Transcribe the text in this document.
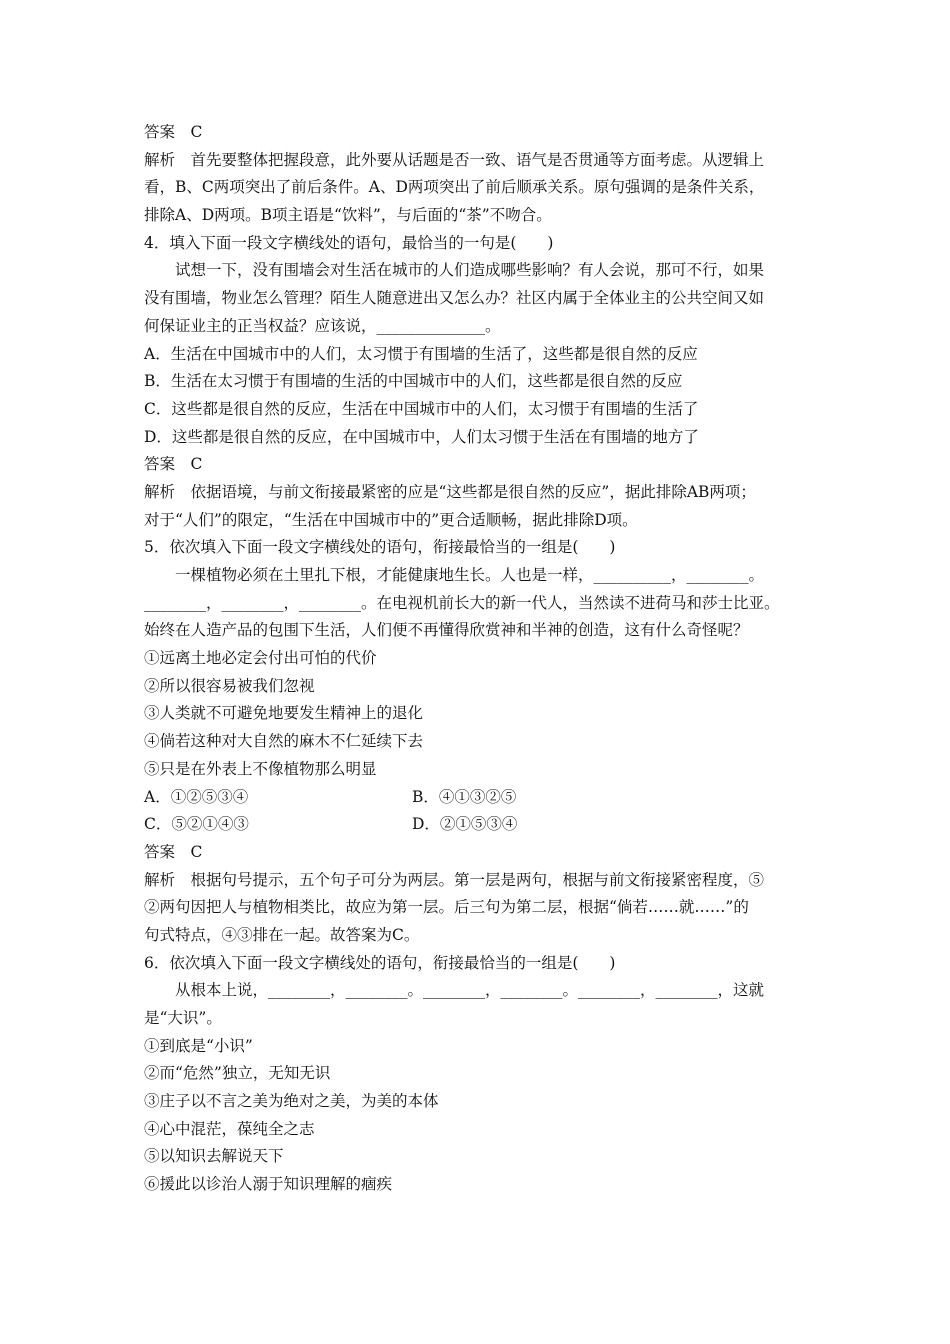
答案　C
解析　首先要整体把握段意，此外要从话题是否一致、语气是否贯通等方面考虑。从逻辑上
看，B、C两项突出了前后条件。A、D两项突出了前后顺承关系。原句强调的是条件关系，
排除A、D两项。B项主语是“饮料”，与后面的“茶”不吻合。
4．填入下面一段文字横线处的语句，最恰当的一句是(　　)
试想一下，没有围墙会对生活在城市的人们造成哪些影响？有人会说，那可不行，如果
没有围墙，物业怎么管理？陌生人随意进出又怎么办？社区内属于全体业主的公共空间又如
何保证业主的正当权益？应该说，______________。
A．生活在中国城市中的人们，太习惯于有围墙的生活了，这些都是很自然的反应
B．生活在太习惯于有围墙的生活的中国城市中的人们，这些都是很自然的反应
C．这些都是很自然的反应，生活在中国城市中的人们，太习惯于有围墙的生活了
D．这些都是很自然的反应，在中国城市中，人们太习惯于生活在有围墙的地方了
答案　C
解析　依据语境，与前文衔接最紧密的应是“这些都是很自然的反应”，据此排除AB两项；
对于“人们”的限定，“生活在中国城市中的”更合适顺畅，据此排除D项。
5．依次填入下面一段文字横线处的语句，衔接最恰当的一组是(　　)
一棵植物必须在土里扎下根，才能健康地生长。人也是一样，__________，________。
________，________，________。在电视机前长大的新一代人，当然读不进荷马和莎士比亚。
始终在人造产品的包围下生活，人们便不再懂得欣赏神和半神的创造，这有什么奇怪呢？
①远离土地必定会付出可怕的代价
②所以很容易被我们忽视
③人类就不可避免地要发生精神上的退化
④倘若这种对大自然的麻木不仁延续下去
⑤只是在外表上不像植物那么明显
A．①②⑤③④	B．④①③②⑤
C．⑤②①④③	D．②①⑤③④
答案　C
解析　根据句号提示，五个句子可分为两层。第一层是两句，根据与前文衔接紧密程度，⑤
②两句因把人与植物相类比，故应为第一层。后三句为第二层，根据“倘若……就……”的
句式特点，④③排在一起。故答案为C。
6．依次填入下面一段文字横线处的语句，衔接最恰当的一组是(　　)
从根本上说，________，________。________，________。________，________，这就
是“大识”。
①到底是“小识”
②而“危然”独立，无知无识
③庄子以不言之美为绝对之美，为美的本体
④心中混茫，葆纯全之志
⑤以知识去解说天下
⑥援此以诊治人溺于知识理解的痼疾
